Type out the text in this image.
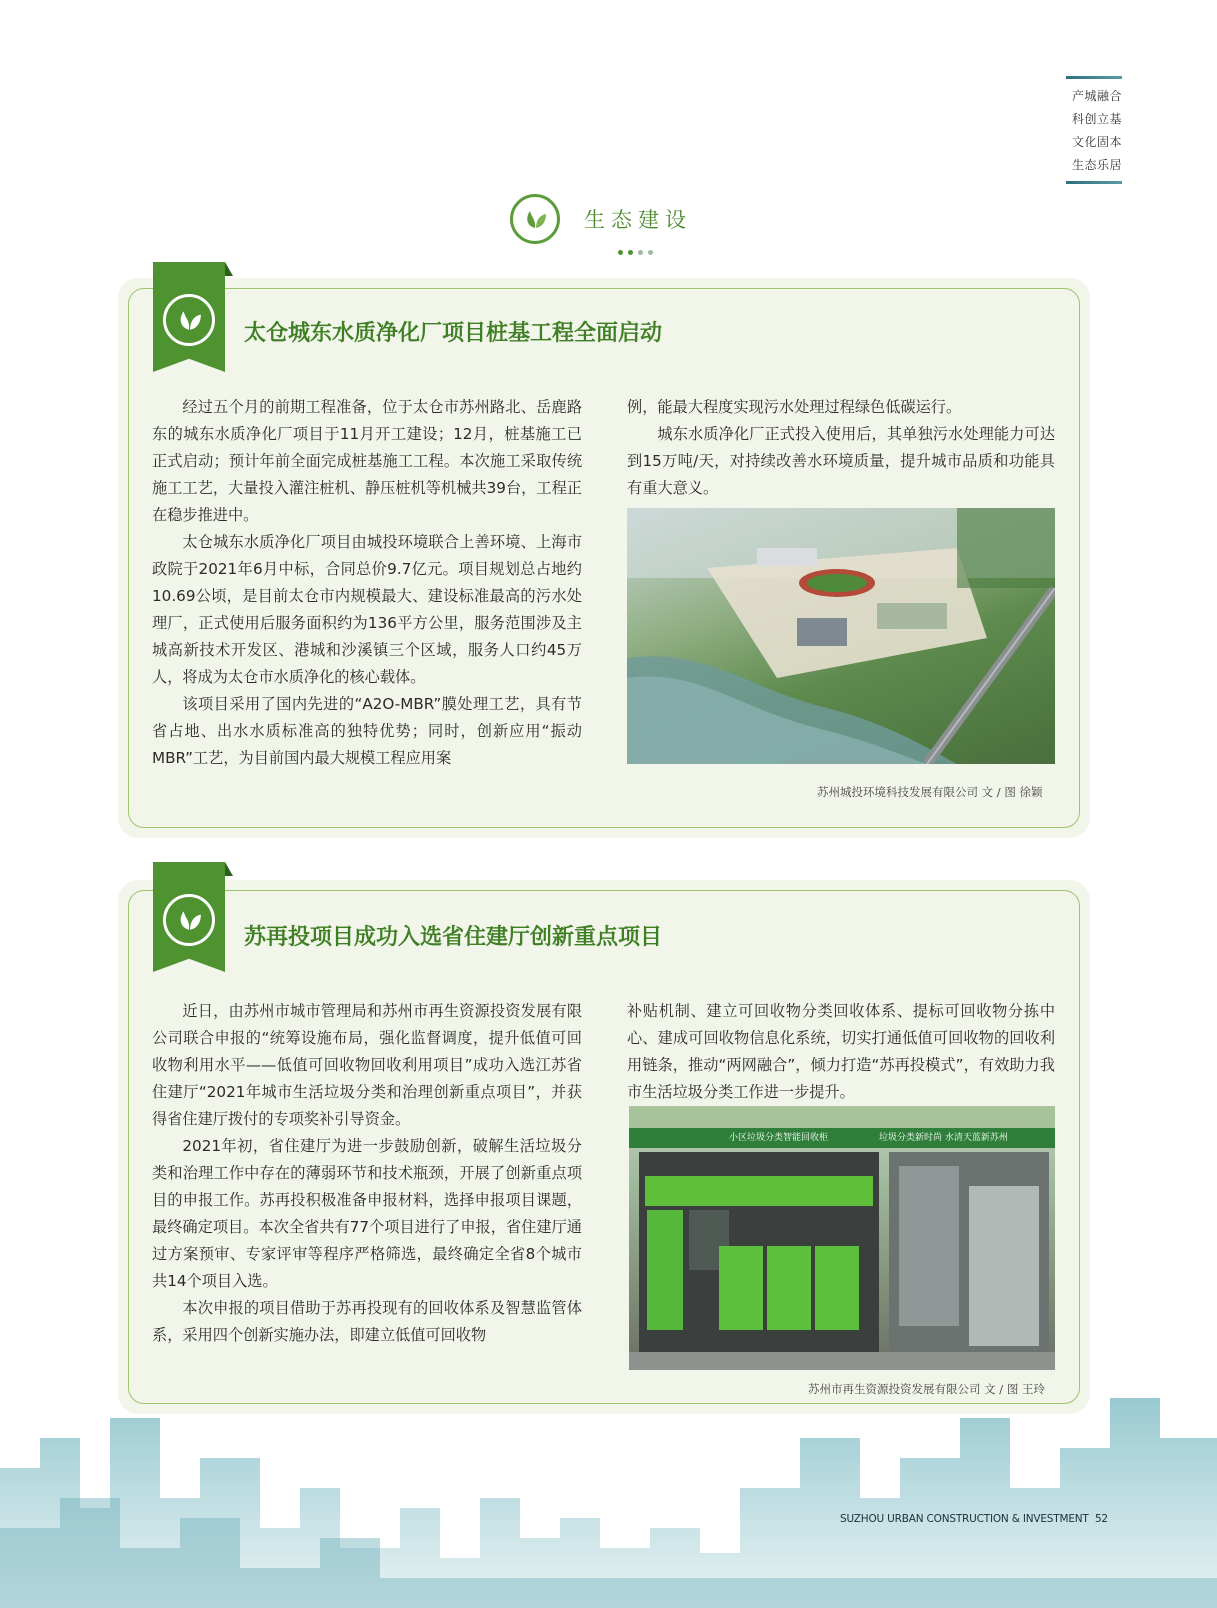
产城融合
科创立基
文化固本
生态乐居
生态建设
太仓城东水质净化厂项目桩基工程全面启动

经过五个月的前期工程准备，位于太仓市苏州路北、岳鹿路东的城东水质净化厂项目于11月开工建设；12月，桩基施工已正式启动；预计年前全面完成桩基施工工程。本次施工采取传统施工工艺，大量投入灌注桩机、静压桩机等机械共39台，工程正在稳步推进中。

太仓城东水质净化厂项目由城投环境联合上善环境、上海市政院于2021年6月中标，合同总价9.7亿元。项目规划总占地约10.69公顷，是目前太仓市内规模最大、建设标准最高的污水处理厂，正式使用后服务面积约为136平方公里，服务范围涉及主城高新技术开发区、港城和沙溪镇三个区域，服务人口约45万人，将成为太仓市水质净化的核心载体。

该项目采用了国内先进的“A2O-MBR”膜处理工艺，具有节省占地、出水水质标准高的独特优势；同时，创新应用“振动MBR”工艺，为目前国内最大规模工程应用案

例，能最大程度实现污水处理过程绿色低碳运行。

城东水质净化厂正式投入使用后，其单独污水处理能力可达到15万吨/天，对持续改善水环境质量，提升城市品质和功能具有重大意义。

苏州城投环境科技发展有限公司 文 / 图 徐颖
苏再投项目成功入选省住建厅创新重点项目

近日，由苏州市城市管理局和苏州市再生资源投资发展有限公司联合申报的“统筹设施布局，强化监督调度，提升低值可回收物利用水平——低值可回收物回收利用项目”成功入选江苏省住建厅“2021年城市生活垃圾分类和治理创新重点项目”，并获得省住建厅拨付的专项奖补引导资金。

2021年初，省住建厅为进一步鼓励创新，破解生活垃圾分类和治理工作中存在的薄弱环节和技术瓶颈，开展了创新重点项目的申报工作。苏再投积极准备申报材料，选择申报项目课题，最终确定项目。本次全省共有77个项目进行了申报，省住建厅通过方案预审、专家评审等程序严格筛选，最终确定全省8个城市共14个项目入选。

本次申报的项目借助于苏再投现有的回收体系及智慧监管体系，采用四个创新实施办法，即建立低值可回收物

补贴机制、建立可回收物分类回收体系、提标可回收物分拣中心、建成可回收物信息化系统，切实打通低值可回收物的回收利用链条，推动“两网融合”，倾力打造“苏再投模式”，有效助力我市生活垃圾分类工作进一步提升。

小区垃圾分类智能回收柜	垃圾分类新时尚 水清天蓝新苏州
苏州市再生资源投资发展有限公司 文 / 图 王玲
SUZHOU URBAN CONSTRUCTION & INVESTMENT 52
